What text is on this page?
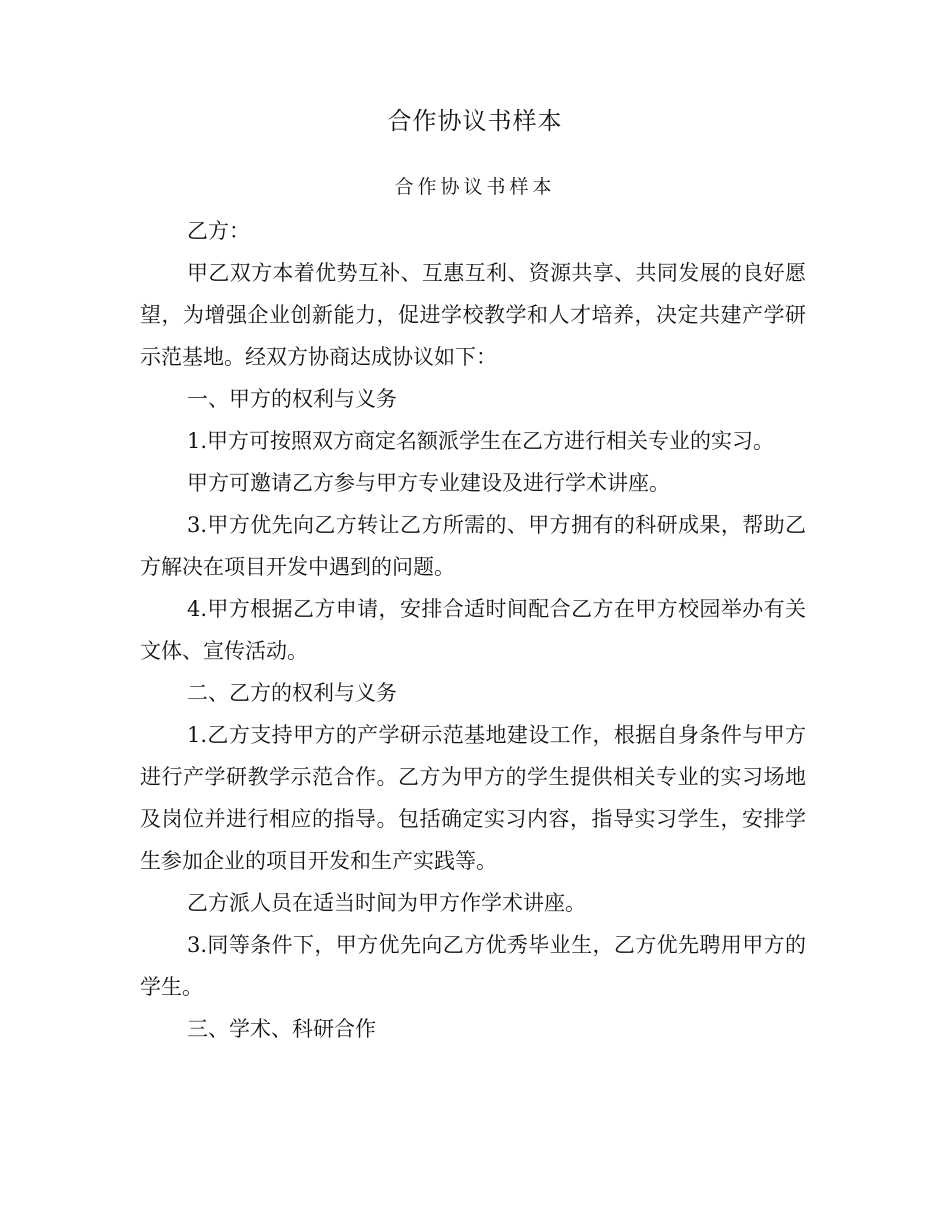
合作协议书样本
合作协议书样本

乙方：

甲乙双方本着优势互补、互惠互利、资源共享、共同发展的良好愿望，为增强企业创新能力，促进学校教学和人才培养，决定共建产学研示范基地。经双方协商达成协议如下：

一、甲方的权利与义务

1.甲方可按照双方商定名额派学生在乙方进行相关专业的实习。

甲方可邀请乙方参与甲方专业建设及进行学术讲座。

3.甲方优先向乙方转让乙方所需的、甲方拥有的科研成果，帮助乙方解决在项目开发中遇到的问题。

4.甲方根据乙方申请，安排合适时间配合乙方在甲方校园举办有关文体、宣传活动。

二、乙方的权利与义务

1.乙方支持甲方的产学研示范基地建设工作，根据自身条件与甲方进行产学研教学示范合作。乙方为甲方的学生提供相关专业的实习场地及岗位并进行相应的指导。包括确定实习内容，指导实习学生，安排学生参加企业的项目开发和生产实践等。

乙方派人员在适当时间为甲方作学术讲座。

3.同等条件下，甲方优先向乙方优秀毕业生，乙方优先聘用甲方的学生。

三、学术、科研合作
